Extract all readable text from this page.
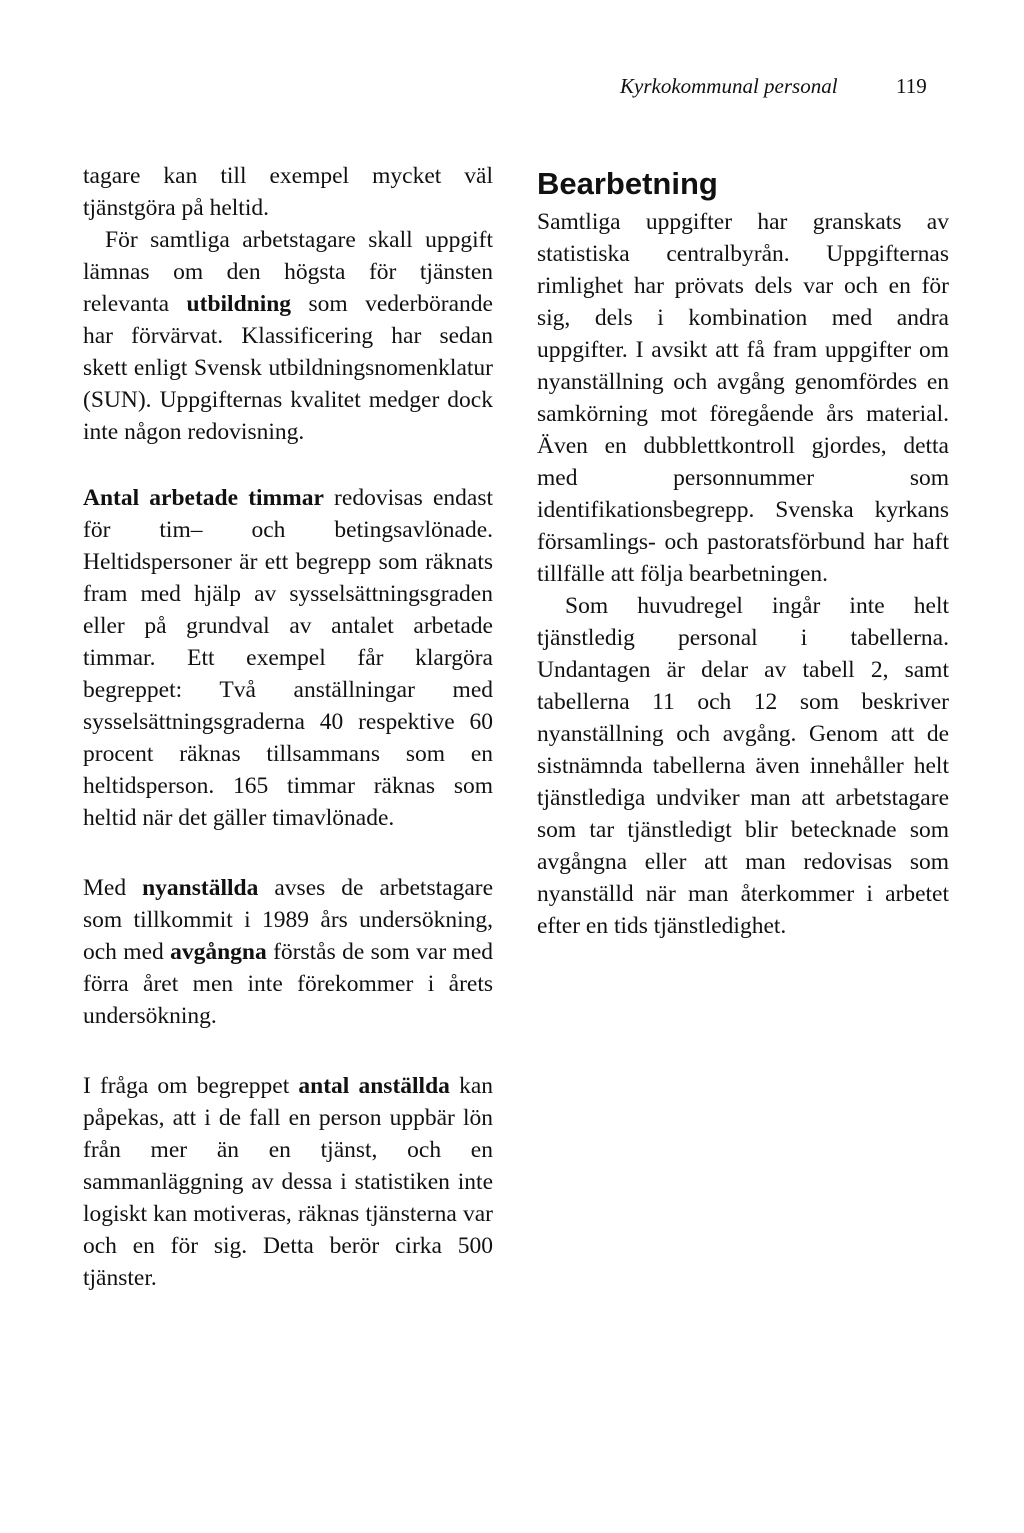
Kyrkokommunal personal	119

tagare kan till exempel mycket väl tjänstgöra på heltid.

För samtliga arbetstagare skall uppgift lämnas om den högsta för tjänsten relevanta utbildning som vederbörande har förvärvat. Klassificering har sedan skett enligt Svensk utbildningsnomenklatur (SUN). Uppgifternas kvalitet medger dock inte någon redovisning.

Antal arbetade timmar redovisas endast för tim– och betingsavlönade. Heltidspersoner är ett begrepp som räknats fram med hjälp av sysselsättningsgraden eller på grundval av antalet arbetade timmar. Ett exempel får klargöra begreppet: Två anställningar med sysselsättningsgraderna 40 respektive 60 procent räknas tillsammans som en heltidsperson. 165 timmar räknas som heltid när det gäller timavlönade.

Med nyanställda avses de arbetstagare som tillkommit i 1989 års undersökning, och med avgångna förstås de som var med förra året men inte förekommer i årets undersökning.

I fråga om begreppet antal anställda kan påpekas, att i de fall en person uppbär lön från mer än en tjänst, och en sammanläggning av dessa i statistiken inte logiskt kan motiveras, räknas tjänsterna var och en för sig. Detta berör cirka 500 tjänster.

Bearbetning

Samtliga uppgifter har granskats av statistiska centralbyrån. Uppgifternas rimlighet har prövats dels var och en för sig, dels i kombination med andra uppgifter. I avsikt att få fram uppgifter om nyanställning och avgång genomfördes en samkörning mot föregående års material. Även en dubblettkontroll gjordes, detta med personnummer som identifikationsbegrepp. Svenska kyrkans församlings- och pastoratsförbund har haft tillfälle att följa bearbetningen.

Som huvudregel ingår inte helt tjänstledig personal i tabellerna. Undantagen är delar av tabell 2, samt tabellerna 11 och 12 som beskriver nyanställning och avgång. Genom att de sistnämnda tabellerna även innehåller helt tjänstlediga undviker man att arbetstagare som tar tjänstledigt blir betecknade som avgångna eller att man redovisas som nyanställd när man återkommer i arbetet efter en tids tjänstledighet.
